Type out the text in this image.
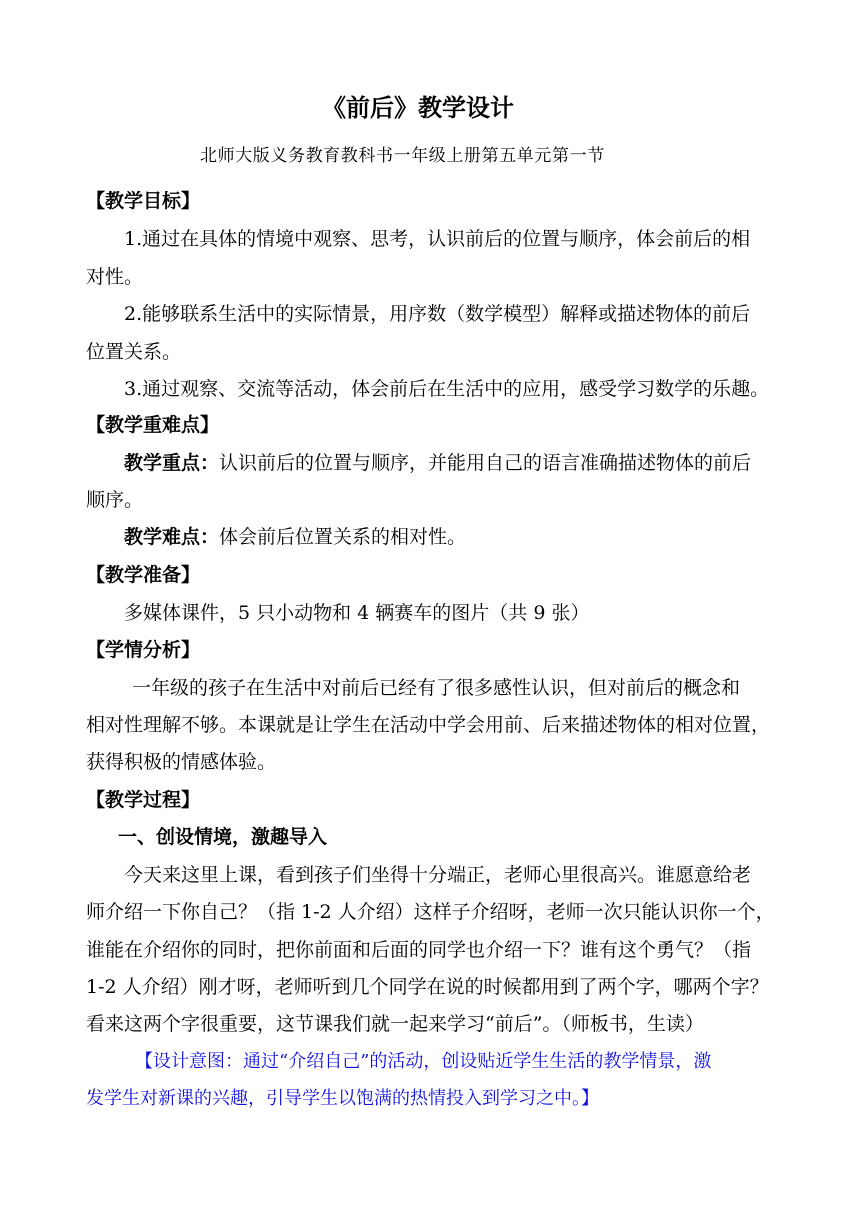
《前后》教学设计
北师大版义务教育教科书一年级上册第五单元第一节
【教学目标】
1.通过在具体的情境中观察、思考，认识前后的位置与顺序，体会前后的相
对性。
2.能够联系生活中的实际情景，用序数（数学模型）解释或描述物体的前后
位置关系。
3.通过观察、交流等活动，体会前后在生活中的应用，感受学习数学的乐趣。
【教学重难点】
教学重点：认识前后的位置与顺序，并能用自己的语言准确描述物体的前后
顺序。
教学难点：体会前后位置关系的相对性。
【教学准备】
多媒体课件，5 只小动物和 4 辆赛车的图片（共 9 张）
【学情分析】
一年级的孩子在生活中对前后已经有了很多感性认识，但对前后的概念和
相对性理解不够。本课就是让学生在活动中学会用前、后来描述物体的相对位置，
获得积极的情感体验。
【教学过程】
一、创设情境，激趣导入
今天来这里上课，看到孩子们坐得十分端正，老师心里很高兴。谁愿意给老
师介绍一下你自己？（指 1-2 人介绍）这样子介绍呀，老师一次只能认识你一个，
谁能在介绍你的同时，把你前面和后面的同学也介绍一下？谁有这个勇气？（指
1-2 人介绍）刚才呀，老师听到几个同学在说的时候都用到了两个字，哪两个字？
看来这两个字很重要，这节课我们就一起来学习“前后”。（师板书，生读）
【设计意图：通过“介绍自己”的活动，创设贴近学生生活的教学情景，激
发学生对新课的兴趣，引导学生以饱满的热情投入到学习之中。】
